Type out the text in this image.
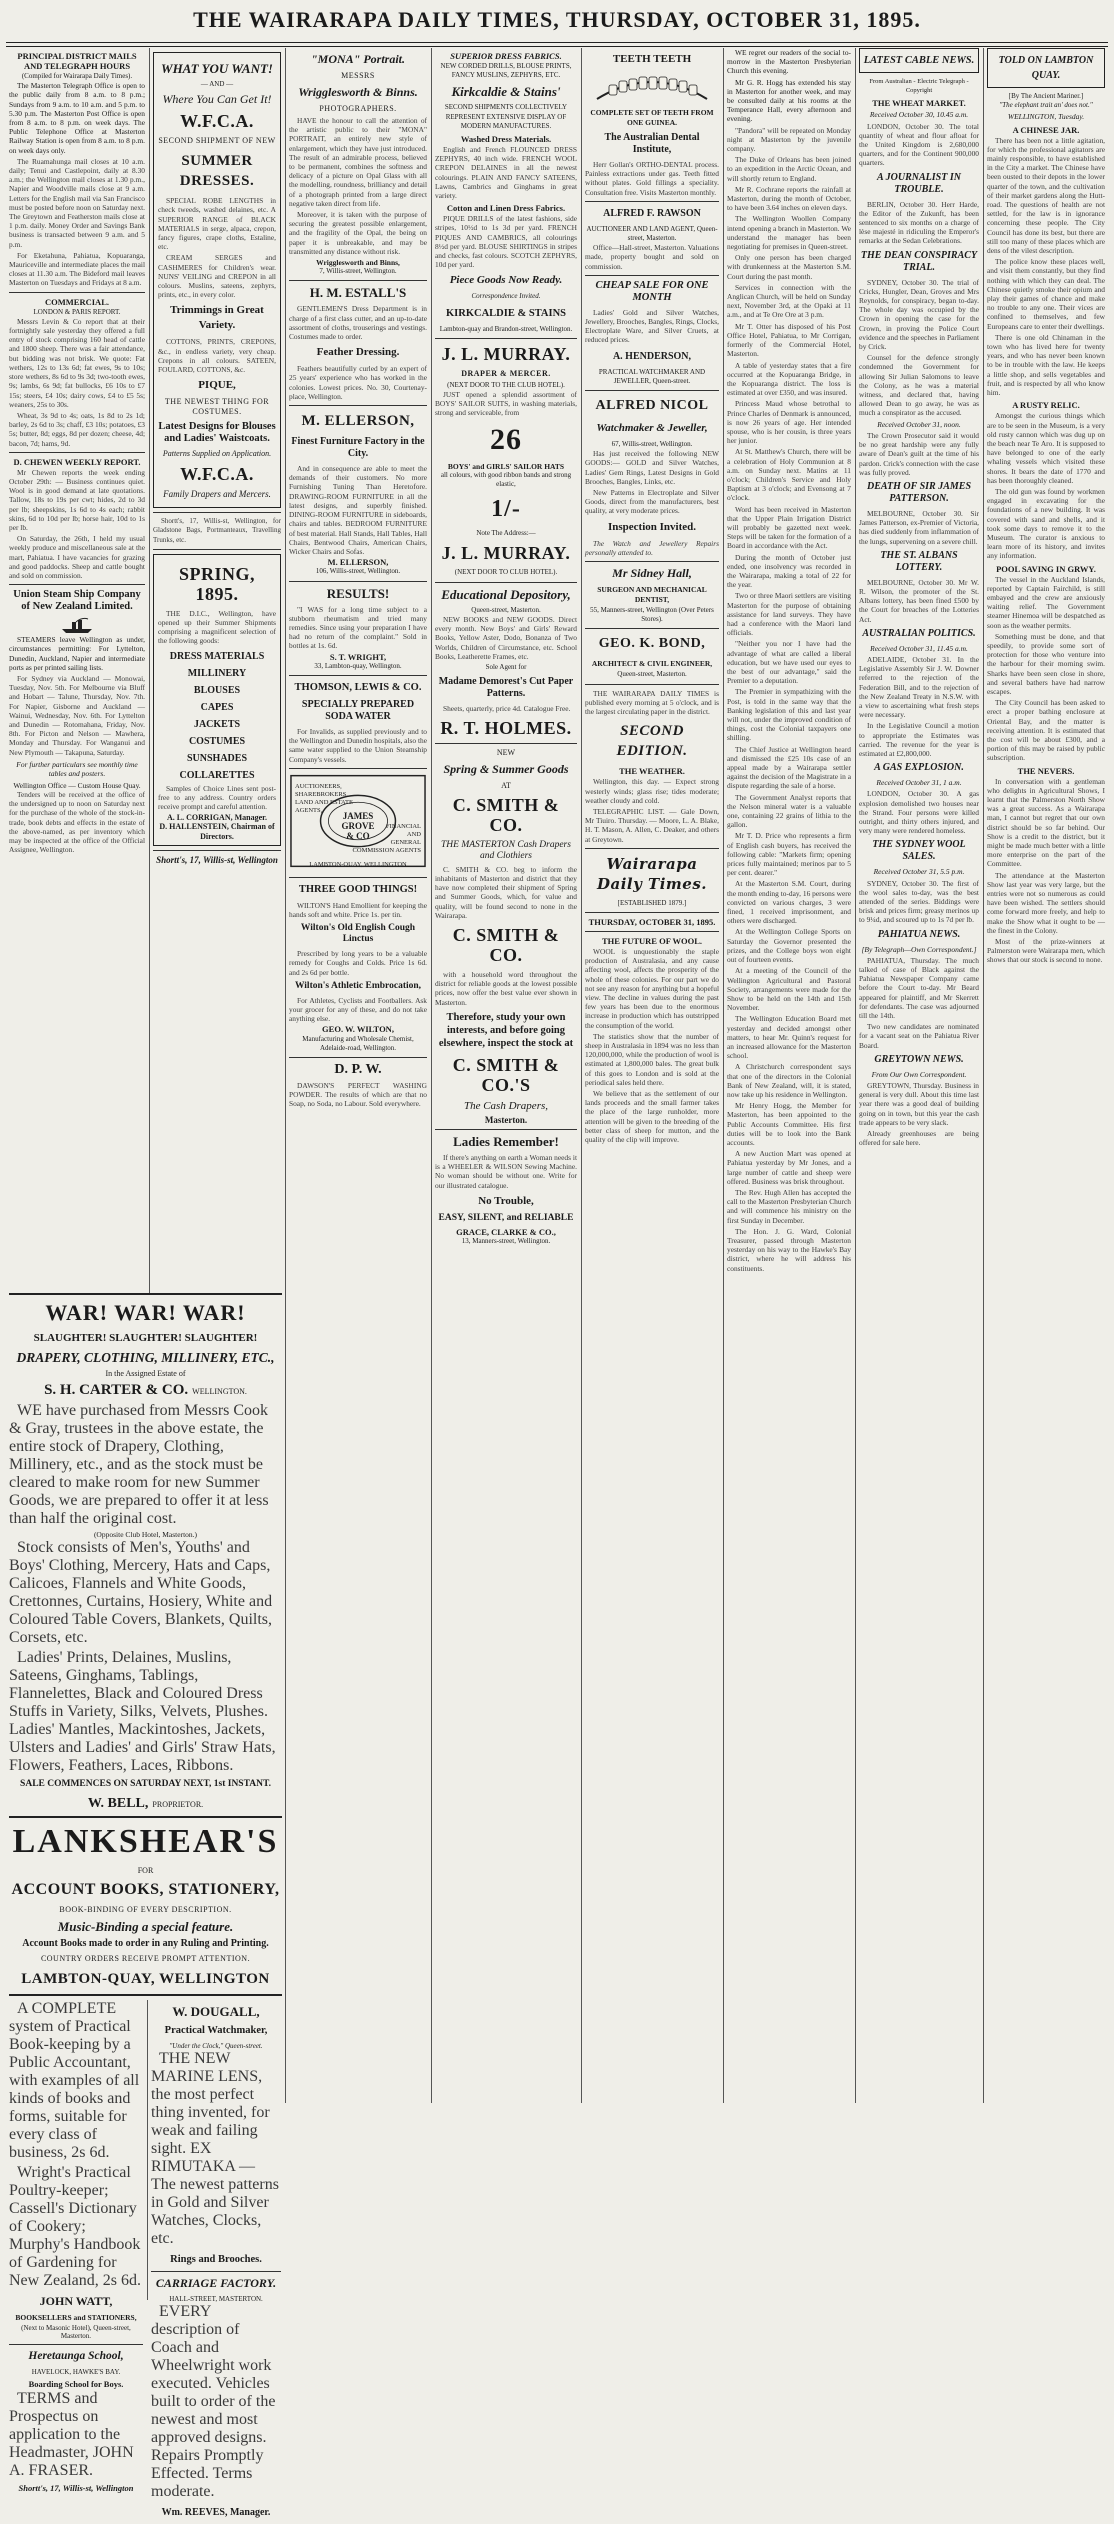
THE WAIRARAPA DAILY TIMES, THURSDAY, OCTOBER 31, 1895.
PRINCIPAL DISTRICT MAILS AND TELEGRAPH HOURS
(Compiled for Wairarapa Daily Times).
The Masterton Telegraph Office is open to the public daily from 8 a.m. to 8 p.m.; Sundays from 9 a.m. to 10 a.m. and 5 p.m. to 5.30 p.m. The Masterton Post Office is open from 8 a.m. to 8 p.m. on week days. The Public Telephone Office at Masterton Railway Station is open from 8 a.m. to 8 p.m. on week days only.
The Ruamahunga mail closes at 10 a.m. daily; Tenui and Castlepoint, daily at 8.30 a.m.; the Wellington mail closes at 1.30 p.m., Napier and Woodville mails close at 9 a.m. Letters for the English mail via San Francisco must be posted before noon on Saturday next. The Greytown and Featherston mails close at 1 p.m. daily. Money Order and Savings Bank business is transacted between 9 a.m. and 5 p.m.
For Eketahuna, Pahiatua, Kopuaranga, Mauriceville and intermediate places the mail closes at 11.30 a.m. The Bideford mail leaves Masterton on Tuesdays and Fridays at 8 a.m.
COMMERCIAL.
LONDON & PARIS REPORT.
Messrs Levin & Co report that at their fortnightly sale yesterday they offered a full entry of stock comprising 160 head of cattle and 1800 sheep. There was a fair attendance, but bidding was not brisk. We quote: Fat wethers, 12s to 13s 6d; fat ewes, 9s to 10s; store wethers, 8s 6d to 9s 3d; two-tooth ewes, 9s; lambs, 6s 9d; fat bullocks, £6 10s to £7 15s; steers, £4 10s; dairy cows, £4 to £5 5s; weaners, 25s to 30s.
Wheat, 3s 9d to 4s; oats, 1s 8d to 2s 1d; barley, 2s 6d to 3s; chaff, £3 10s; potatoes, £3 5s; butter, 8d; eggs, 8d per dozen; cheese, 4d; bacon, 7d; hams, 9d.
D. CHEWEN WEEKLY REPORT.
Mr Chewen reports the week ending October 29th: — Business continues quiet. Wool is in good demand at late quotations. Tallow, 18s to 19s per cwt; hides, 2d to 3d per lb; sheepskins, 1s 6d to 4s each; rabbit skins, 6d to 10d per lb; horse hair, 10d to 1s per lb.
On Saturday, the 26th, I held my usual weekly produce and miscellaneous sale at the mart, Pahiatua. I have vacancies for grazing and good paddocks. Sheep and cattle bought and sold on commission.
Union Steam Ship Company of New Zealand Limited.
STEAMERS leave Wellington as under, circumstances permitting: For Lyttelton, Dunedin, Auckland, Napier and intermediate ports as per printed sailing lists.
For Sydney via Auckland — Monowai, Tuesday, Nov. 5th. For Melbourne via Bluff and Hobart — Talune, Thursday, Nov. 7th. For Napier, Gisborne and Auckland — Wainui, Wednesday, Nov. 6th. For Lyttelton and Dunedin — Rotomahana, Friday, Nov. 8th. For Picton and Nelson — Mawhera, Monday and Thursday. For Wanganui and New Plymouth — Takapuna, Saturday.
For further particulars see monthly time tables and posters.
Wellington Office — Custom House Quay.
Tenders will be received at the office of the undersigned up to noon on Saturday next for the purchase of the whole of the stock-in-trade, book debts and effects in the estate of the above-named, as per inventory which may be inspected at the office of the Official Assignee, Wellington.
WHAT YOU WANT!
— AND —
Where You Can Get It!
W.F.C.A.
SECOND SHIPMENT OF NEW
SUMMER DRESSES.
SPECIAL ROBE LENGTHS in check tweeds, washed delaines, etc. A SUPERIOR RANGE of BLACK MATERIALS in serge, alpaca, crepon, fancy figures, crape cloths, Estaline, etc.
CREAM SERGES and CASHMERES for Children's wear. NUNS' VEILING and CREPON in all colours. Muslins, sateens, zephyrs, prints, etc., in every color.
Trimmings in Great Variety.
COTTONS, PRINTS, CREPONS, &c., in endless variety, very cheap. Crepons in all colours. SATEEN, FOULARD, COTTONS, &c.
PIQUE,
THE NEWEST THING FOR COSTUMES.
Latest Designs for Blouses and Ladies' Waistcoats.
Patterns Supplied on Application.
W.F.C.A.
Family Drapers and Mercers.
Shortt's, 17, Willis-st, Wellington, for Gladstone Bags, Portmanteaux, Travelling Trunks, etc.
SPRING, 1895.
THE D.I.C., Wellington, have opened up their Summer Shipments comprising a magnificent selection of the following goods:
DRESS MATERIALS
MILLINERY
BLOUSES
CAPES
JACKETS
COSTUMES
SUNSHADES
COLLARETTES
Samples of Choice Lines sent post-free to any address. Country orders receive prompt and careful attention.
A. L. CORRIGAN, Manager.
D. HALLENSTEIN, Chairman of Directors.
Shortt's, 17, Willis-st, Wellington
"MONA" Portrait.
MESSRS
Wrigglesworth & Binns.
PHOTOGRAPHERS.
HAVE the honour to call the attention of the artistic public to their "MONA" PORTRAIT, an entirely new style of enlargement, which they have just introduced. The result of an admirable process, believed to be permanent, combines the softness and delicacy of a picture on Opal Glass with all the modelling, roundness, brilliancy and detail of a photograph printed from a large direct negative taken direct from life.
Moreover, it is taken with the purpose of securing the greatest possible enlargement, and the fragility of the Opal, the being on paper it is unbreakable, and may be transmitted any distance without risk.
Wrigglesworth and Binns,
7, Willis-street, Wellington.
H. M. ESTALL'S
GENTLEMEN'S Dress Department is in charge of a first class cutter, and an up-to-date assortment of cloths, trouserings and vestings. Costumes made to order.
Feather Dressing.
Feathers beautifully curled by an expert of 25 years' experience who has worked in the colonies. Lowest prices. No. 30, Courtenay-place, Wellington.
M. ELLERSON,
Finest Furniture Factory in the City.
And in consequence are able to meet the demands of their customers. No more Furnishing Tuning Than Heretofore. DRAWING-ROOM FURNITURE in all the latest designs, and superbly finished. DINING-ROOM FURNITURE in sideboards, chairs and tables. BEDROOM FURNITURE of best material. Hall Stands, Hall Tables, Hall Chairs, Bentwood Chairs, American Chairs, Wicker Chairs and Sofas.
M. ELLERSON,
106, Willis-street, Wellington.
RESULTS!
"I WAS for a long time subject to a stubborn rheumatism and tried many remedies. Since using your preparation I have had no return of the complaint." Sold in bottles at 1s. 6d.
S. T. WRIGHT,
33, Lambton-quay, Wellington.
THOMSON, LEWIS & CO.
SPECIALLY PREPARED SODA WATER
For Invalids, as supplied previously and to the Wellington and Dunedin hospitals, also the same water supplied to the Union Steamship Company's vessels.
AUCTIONEERS,
SHAREBROKERS,
LAND AND ESTATE
AGENTS,
FINANCIAL
AND
GENERAL
COMMISSION AGENTS
JAMES
GROVE
& CO
LAMBTON-QUAY, WELLINGTON
THREE GOOD THINGS!
WILTON'S Hand Emollient for keeping the hands soft and white. Price 1s. per tin.
Wilton's Old English Cough Linctus
Prescribed by long years to be a valuable remedy for Coughs and Colds. Price 1s 6d. and 2s 6d per bottle.
Wilton's Athletic Embrocation,
For Athletes, Cyclists and Footballers. Ask your grocer for any of these, and do not take anything else.
GEO. W. WILTON,
Manufacturing and Wholesale Chemist, Adelaide-road, Wellington.
D. P. W.
DAWSON'S PERFECT WASHING POWDER. The results of which are that no Soap, no Soda, no Labour. Sold everywhere.
SUPERIOR DRESS FABRICS.
NEW CORDED DRILLS, BLOUSE PRINTS, FANCY MUSLINS, ZEPHYRS, ETC.
Kirkcaldie & Stains'
SECOND SHIPMENTS COLLECTIVELY REPRESENT EXTENSIVE DISPLAY OF MODERN MANUFACTURES.
Washed Dress Materials.
English and French FLOUNCED DRESS ZEPHYRS, 40 inch wide. FRENCH WOOL CREPON DELAINES in all the newest colourings. PLAIN AND FANCY SATEENS, Lawns, Cambrics and Ginghams in great variety.
Cotton and Linen Dress Fabrics.
PIQUE DRILLS of the latest fashions, side stripes, 10½d to 1s 3d per yard. FRENCH PIQUES AND CAMBRICS, all colourings 8½d per yard. BLOUSE SHIRTINGS in stripes and checks, fast colours. SCOTCH ZEPHYRS, 10d per yard.
Piece Goods Now Ready.
Correspondence Invited.
KIRKCALDIE & STAINS
Lambton-quay and Brandon-street, Wellington.
J. L. MURRAY.
DRAPER & MERCER.
(NEXT DOOR TO THE CLUB HOTEL).
JUST opened a splendid assortment of BOYS' SAILOR SUITS, in washing materials, strong and serviceable, from
26
BOYS' and GIRLS' SAILOR HATS
all colours, with good ribbon bands and strong elastic,
1/-
Note The Address:—
J. L. MURRAY.
(NEXT DOOR TO CLUB HOTEL).
Educational Depository,
Queen-street, Masterton.
NEW BOOKS and NEW GOODS. Direct every month. New Boys' and Girls' Reward Books, Yellow Aster, Dodo, Bonanza of Two Worlds, Children of Circumstance, etc. School Books, Leatherette Frames, etc.
Sole Agent for
Madame Demorest's Cut Paper Patterns.
Sheets, quarterly, price 4d. Catalogue Free.
R. T. HOLMES.
NEW
Spring & Summer Goods
AT
C. SMITH & CO.
THE MASTERTON Cash Drapers and Clothiers
C. SMITH & CO. beg to inform the inhabitants of Masterton and district that they have now completed their shipment of Spring and Summer Goods, which, for value and quality, will be found second to none in the Wairarapa.
C. SMITH & CO.
with a household word throughout the district for reliable goods at the lowest possible prices, now offer the best value ever shown in Masterton.
Therefore, study your own interests, and before going elsewhere, inspect the stock at
C. SMITH & CO.'S
The Cash Drapers,
Masterton.
Ladies Remember!
If there's anything on earth a Woman needs it is a WHEELER & WILSON Sewing Machine. No woman should be without one. Write for our illustrated catalogue.
No Trouble,
EASY, SILENT, and RELIABLE
GRACE, CLARKE & CO.,
13, Manners-street, Wellington.
TEETH TEETH
COMPLETE SET OF TEETH FROM ONE GUINEA.
The Australian Dental Institute,
Herr Gollan's ORTHO-DENTAL process. Painless extractions under gas. Teeth fitted without plates. Gold fillings a speciality. Consultation free. Visits Masterton monthly.
ALFRED F. RAWSON
AUCTIONEER AND LAND AGENT, Queen-street, Masterton.
Office—Hall-street, Masterton. Valuations made, property bought and sold on commission.
CHEAP SALE FOR ONE MONTH
Ladies' Gold and Silver Watches, Jewellery, Brooches, Bangles, Rings, Clocks, Electroplate Ware, and Silver Cruets, at reduced prices.
A. HENDERSON,
PRACTICAL WATCHMAKER AND JEWELLER, Queen-street.
ALFRED NICOL
Watchmaker & Jeweller,
67, Willis-street, Wellington.
Has just received the following NEW GOODS:— GOLD and Silver Watches, Ladies' Gem Rings, Latest Designs in Gold Brooches, Bangles, Links, etc.
New Patterns in Electroplate and Silver Goods, direct from the manufacturers, best quality, at very moderate prices.
Inspection Invited.
The Watch and Jewellery Repairs personally attended to.
Mr Sidney Hall,
SURGEON AND MECHANICAL DENTIST,
55, Manners-street, Wellington (Over Peters Stores).
GEO. K. BOND,
ARCHITECT & CIVIL ENGINEER,
Queen-street, Masterton.
THE WAIRARAPA DAILY TIMES is published every morning at 5 o'clock, and is the largest circulating paper in the district.
SECOND EDITION.
THE WEATHER.
Wellington, this day. — Expect strong westerly winds; glass rise; tides moderate; weather cloudy and cold.
TELEGRAPHIC LIST. — Gale Down, Mr Tiuiro. Thursday. — Moore, L. A. Blake, H. T. Mason, A. Allen, C. Deaker, and others at Greytown.
Wairarapa Daily Times.
[ESTABLISHED 1879.]
THURSDAY, OCTOBER 31, 1895.
THE FUTURE OF WOOL.
WOOL is unquestionably the staple production of Australasia, and any cause affecting wool, affects the prosperity of the whole of these colonies. For our part we do not see any reason for anything but a hopeful view. The decline in values during the past few years has been due to the enormous increase in production which has outstripped the consumption of the world.
The statistics show that the number of sheep in Australasia in 1894 was no less than 120,000,000, while the production of wool is estimated at 1,800,000 bales. The great bulk of this goes to London and is sold at the periodical sales held there.
We believe that as the settlement of our lands proceeds and the small farmer takes the place of the large runholder, more attention will be given to the breeding of the better class of sheep for mutton, and the quality of the clip will improve.
WE regret our readers of the social to-morrow in the Masterton Presbyterian Church this evening.
Mr G. R. Hogg has extended his stay in Masterton for another week, and may be consulted daily at his rooms at the Temperance Hall, every afternoon and evening.
"Pandora" will be repeated on Monday night at Masterton by the juvenile company.
The Duke of Orleans has been joined to an expedition in the Arctic Ocean, and will shortly return to England.
Mr R. Cochrane reports the rainfall at Masterton, during the month of October, to have been 3.64 inches on eleven days.
The Wellington Woollen Company intend opening a branch in Masterton. We understand the manager has been negotiating for premises in Queen-street.
Only one person has been charged with drunkenness at the Masterton S.M. Court during the past month.
Services in connection with the Anglican Church, will be held on Sunday next, November 3rd, at the Opaki at 11 a.m., and at Te Ore Ore at 3 p.m.
Mr T. Otter has disposed of his Post Office Hotel, Pahiatua, to Mr Corrigan, formerly of the Commercial Hotel, Masterton.
A table of yesterday states that a fire occurred at the Kopuaranga Bridge, in the Kopuaranga district. The loss is estimated at over £350, and was insured.
Princess Maud whose betrothal to Prince Charles of Denmark is announced, is now 26 years of age. Her intended spouse, who is her cousin, is three years her junior.
At St. Matthew's Church, there will be a celebration of Holy Communion at 8 a.m. on Sunday next. Matins at 11 o'clock; Children's Service and Holy Baptism at 3 o'clock; and Evensong at 7 o'clock.
Word has been received in Masterton that the Upper Plain Irrigation District will probably be gazetted next week. Steps will be taken for the formation of a Board in accordance with the Act.
During the month of October just ended, one insolvency was recorded in the Wairarapa, making a total of 22 for the year.
Two or three Maori settlers are visiting Masterton for the purpose of obtaining assistance for land surveys. They have had a conference with the Maori land officials.
"Neither you nor I have had the advantage of what are called a liberal education, but we have used our eyes to the best of our advantage," said the Premier to a deputation.
The Premier in sympathizing with the Post, is told in the same way that the Banking legislation of this and last year will not, under the improved condition of things, cost the Colonial taxpayers one shilling.
The Chief Justice at Wellington heard and dismissed the £25 10s case of an appeal made by a Wairarapa settler against the decision of the Magistrate in a dispute regarding the sale of a horse.
The Government Analyst reports that the Nelson mineral water is a valuable one, containing 22 grains of lithia to the gallon.
Mr T. D. Price who represents a firm of English cash buyers, has received the following cable: "Markets firm; opening prices fully maintained; merinos par to 5 per cent. dearer."
At the Masterton S.M. Court, during the month ending to-day, 16 persons were convicted on various charges, 3 were fined, 1 received imprisonment, and others were discharged.
At the Wellington College Sports on Saturday the Governor presented the prizes, and the College boys won eight out of fourteen events.
At a meeting of the Council of the Wellington Agricultural and Pastoral Society, arrangements were made for the Show to be held on the 14th and 15th November.
The Wellington Education Board met yesterday and decided amongst other matters, to hear Mr. Quinn's request for an increased allowance for the Masterton school.
A Christchurch correspondent says that one of the directors in the Colonial Bank of New Zealand, will, it is stated, now take up his residence in Wellington.
Mr Henry Hogg, the Member for Masterton, has been appointed to the Public Accounts Committee. His first duties will be to look into the Bank accounts.
A new Auction Mart was opened at Pahiatua yesterday by Mr Jones, and a large number of cattle and sheep were offered. Business was brisk throughout.
The Rev. Hugh Allen has accepted the call to the Masterton Presbyterian Church and will commence his ministry on the first Sunday in December.
The Hon. J. G. Ward, Colonial Treasurer, passed through Masterton yesterday on his way to the Hawke's Bay district, where he will address his constituents.
LATEST CABLE NEWS.
From Australian - Electric Telegraph - Copyright
THE WHEAT MARKET.
Received October 30, 10.45 a.m.
LONDON, October 30. The total quantity of wheat and flour afloat for the United Kingdom is 2,680,000 quarters, and for the Continent 900,000 quarters.
A JOURNALIST IN TROUBLE.
BERLIN, October 30. Herr Harde, the Editor of the Zukunft, has been sentenced to six months on a charge of lèse majesté in ridiculing the Emperor's remarks at the Sedan Celebrations.
THE DEAN CONSPIRACY TRIAL.
SYDNEY, October 30. The trial of Cricks, Hungler, Dean, Groves and Mrs Reynolds, for conspiracy, began to-day. The whole day was occupied by the Crown in opening the case for the Crown, in proving the Police Court evidence and the speeches in Parliament by Crick.
Counsel for the defence strongly condemned the Government for allowing Sir Julian Salomons to leave the Colony, as he was a material witness, and declared that, having allowed Dean to go away, he was as much a conspirator as the accused.
Received October 31, noon.
The Crown Prosecutor said it would be no great hardship were any fully aware of Dean's guilt at the time of his pardon. Crick's connection with the case was fully proved.
DEATH OF SIR JAMES PATTERSON.
MELBOURNE, October 30. Sir James Patterson, ex-Premier of Victoria, has died suddenly from inflammation of the lungs, supervening on a severe chill.
THE ST. ALBANS LOTTERY.
MELBOURNE, October 30. Mr W. R. Wilson, the promoter of the St. Albans lottery, has been fined £500 by the Court for breaches of the Lotteries Act.
AUSTRALIAN POLITICS.
Received October 31, 11.45 a.m.
ADELAIDE, October 31. In the Legislative Assembly Sir J. W. Downer referred to the rejection of the Federation Bill, and to the rejection of the New Zealand Treaty in N.S.W. with a view to ascertaining what fresh steps were necessary.
In the Legislative Council a motion to appropriate the Estimates was carried. The revenue for the year is estimated at £2,800,000.
A GAS EXPLOSION.
Received October 31, 1 a.m.
LONDON, October 30. A gas explosion demolished two houses near the Strand. Four persons were killed outright, and thirty others injured, and very many were rendered homeless.
THE SYDNEY WOOL SALES.
Received October 31, 5.5 p.m.
SYDNEY, October 30. The first of the wool sales to-day, was the best attended of the series. Biddings were brisk and prices firm; greasy merinos up to 9¼d, and scoured up to 1s 7d per lb.
PAHIATUA NEWS.
[By Telegraph—Own Correspondent.]
PAHIATUA, Thursday. The much talked of case of Black against the Pahiatua Newspaper Company came before the Court to-day. Mr Beard appeared for plaintiff, and Mr Skerrett for defendants. The case was adjourned till the 14th.
Two new candidates are nominated for a vacant seat on the Pahiatua River Board.
GREYTOWN NEWS.
From Our Own Correspondent.
GREYTOWN, Thursday. Business in general is very dull. About this time last year there was a good deal of building going on in town, but this year the cash trade appears to be very slack.
Already greenhouses are being offered for sale here.
TOLD ON LAMBTON QUAY.
[By The Ancient Mariner.]
"The elephant trait an' does not."
WELLINGTON, Tuesday.
A CHINESE JAR.
There has been not a little agitation, for which the professional agitators are mainly responsible, to have established in the City a market. The Chinese have been ousted to their depots in the lower quarter of the town, and the cultivation of their market gardens along the Hutt-road. The questions of health are not settled, for the law is in ignorance concerning these people. The City Council has done its best, but there are still too many of these places which are dens of the vilest description.
The police know these places well, and visit them constantly, but they find nothing with which they can deal. The Chinese quietly smoke their opium and play their games of chance and make no trouble to any one. Their vices are confined to themselves, and few Europeans care to enter their dwellings.
There is one old Chinaman in the town who has lived here for twenty years, and who has never been known to be in trouble with the law. He keeps a little shop, and sells vegetables and fruit, and is respected by all who know him.
A RUSTY RELIC.
Amongst the curious things which are to be seen in the Museum, is a very old rusty cannon which was dug up on the beach near Te Aro. It is supposed to have belonged to one of the early whaling vessels which visited these shores. It bears the date of 1770 and has been thoroughly cleaned.
The old gun was found by workmen engaged in excavating for the foundations of a new building. It was covered with sand and shells, and it took some days to remove it to the Museum. The curator is anxious to learn more of its history, and invites any information.
POOL SAVING IN GRWY.
The vessel in the Auckland Islands, reported by Captain Fairchild, is still embayed and the crew are anxiously waiting relief. The Government steamer Hinemoa will be despatched as soon as the weather permits.
Something must be done, and that speedily, to provide some sort of protection for those who venture into the harbour for their morning swim. Sharks have been seen close in shore, and several bathers have had narrow escapes.
The City Council has been asked to erect a proper bathing enclosure at Oriental Bay, and the matter is receiving attention. It is estimated that the cost will be about £300, and a portion of this may be raised by public subscription.
THE NEVERS.
In conversation with a gentleman who delights in Agricultural Shows, I learnt that the Palmerston North Show was a great success. As a Wairarapa man, I cannot but regret that our own district should be so far behind. Our Show is a credit to the district, but it might be made much better with a little more enterprise on the part of the Committee.
The attendance at the Masterton Show last year was very large, but the entries were not so numerous as could have been wished. The settlers should come forward more freely, and help to make the Show what it ought to be — the finest in the Colony.
Most of the prize-winners at Palmerston were Wairarapa men, which shows that our stock is second to none.
WAR! WAR! WAR!
SLAUGHTER! SLAUGHTER! SLAUGHTER!
DRAPERY, CLOTHING, MILLINERY, ETC.,
In the Assigned Estate of
S. H. CARTER & CO. WELLINGTON.
WE have purchased from Messrs Cook & Gray, trustees in the above estate, the entire stock of Drapery, Clothing, Millinery, etc., and as the stock must be cleared to make room for new Summer Goods, we are prepared to offer it at less than half the original cost.
(Opposite Club Hotel, Masterton.)
Stock consists of Men's, Youths' and Boys' Clothing, Mercery, Hats and Caps, Calicoes, Flannels and White Goods, Crettonnes, Curtains, Hosiery, White and Coloured Table Covers, Blankets, Quilts, Corsets, etc.
Ladies' Prints, Delaines, Muslins, Sateens, Ginghams, Tablings, Flannelettes, Black and Coloured Dress Stuffs in Variety, Silks, Velvets, Plushes. Ladies' Mantles, Mackintoshes, Jackets, Ulsters and Ladies' and Girls' Straw Hats, Flowers, Feathers, Laces, Ribbons.
SALE COMMENCES ON SATURDAY NEXT, 1st INSTANT.
W. BELL, PROPRIETOR.
LANKSHEAR'S
FOR
ACCOUNT BOOKS, STATIONERY,
BOOK-BINDING OF EVERY DESCRIPTION.
Music-Binding a special feature.
Account Books made to order in any Ruling and Printing.
COUNTRY ORDERS RECEIVE PROMPT ATTENTION.
LAMBTON-QUAY, WELLINGTON
A COMPLETE system of Practical Book-keeping by a Public Accountant, with examples of all kinds of books and forms, suitable for every class of business, 2s 6d.
Wright's Practical Poultry-keeper; Cassell's Dictionary of Cookery; Murphy's Handbook of Gardening for New Zealand, 2s 6d.
JOHN WATT,
BOOKSELLERS and STATIONERS,
(Next to Masonic Hotel), Queen-street, Masterton.
Heretaunga School,
HAVELOCK, HAWKE'S BAY.
Boarding School for Boys.
TERMS and Prospectus on application to the Headmaster, JOHN A. FRASER.
Shortt's, 17, Willis-st, Wellington
W. DOUGALL,
Practical Watchmaker,
"Under the Clock," Queen-street.
THE NEW MARINE LENS, the most perfect thing invented, for weak and failing sight. EX RIMUTAKA — The newest patterns in Gold and Silver Watches, Clocks, etc.
Rings and Brooches.
CARRIAGE FACTORY.
HALL-STREET, MASTERTON.
EVERY description of Coach and Wheelwright work executed. Vehicles built to order of the newest and most approved designs. Repairs Promptly Effected. Terms moderate.
Wm. REEVES, Manager.
